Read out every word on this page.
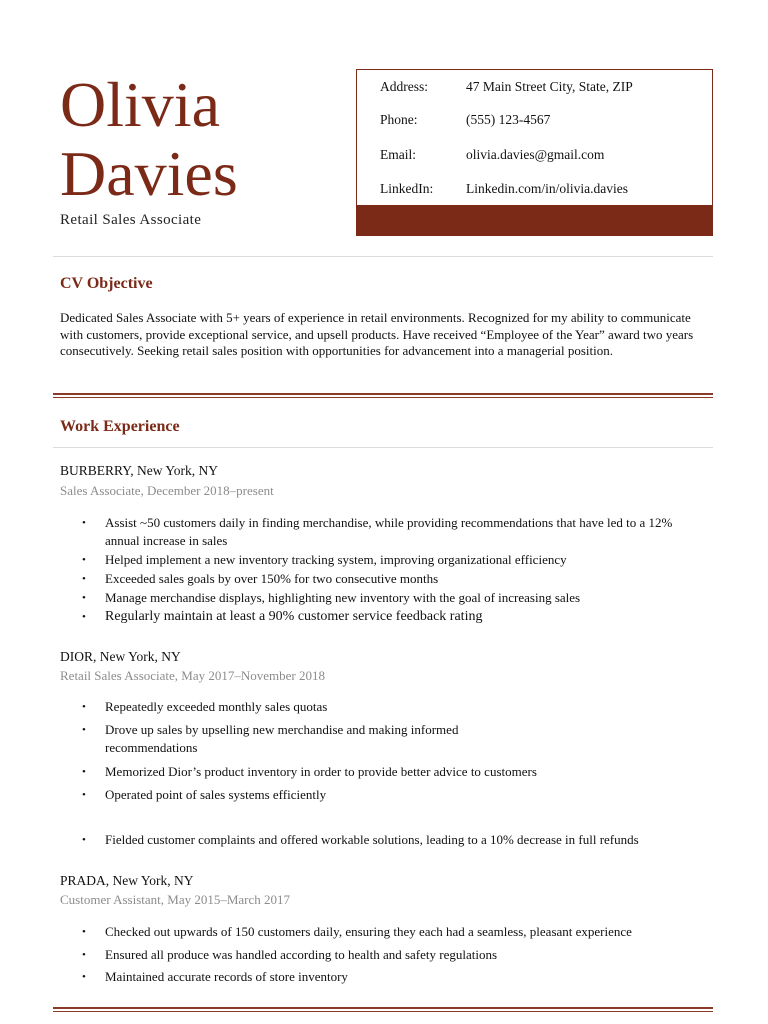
Olivia
Davies
Retail Sales Associate
Address:	47 Main Street City, State, ZIP
Phone:	(555) 123-4567
Email:	olivia.davies@gmail.com
LinkedIn: Linkedin.com/in/olivia.davies
CV Objective
Dedicated Sales Associate with 5+ years of experience in retail environments. Recognized for my ability to communicate with customers, provide exceptional service, and upsell products. Have received “Employee of the Year” award two years consecutively. Seeking retail sales position with opportunities for advancement into a managerial position.
Work Experience
BURBERRY, New York, NY
Sales Associate, December 2018–present
• Assist ~50 customers daily in finding merchandise, while providing recommendations that have led to a 12% annual increase in sales
• Helped implement a new inventory tracking system, improving organizational efficiency
• Exceeded sales goals by over 150% for two consecutive months
• Manage merchandise displays, highlighting new inventory with the goal of increasing sales
• Regularly maintain at least a 90% customer service feedback rating
DIOR, New York, NY
Retail Sales Associate, May 2017–November 2018
• Repeatedly exceeded monthly sales quotas
• Drove up sales by upselling new merchandise and making informed recommendations
• Memorized Dior’s product inventory in order to provide better advice to customers
• Operated point of sales systems efficiently
• Fielded customer complaints and offered workable solutions, leading to a 10% decrease in full refunds
PRADA, New York, NY
Customer Assistant, May 2015–March 2017
• Checked out upwards of 150 customers daily, ensuring they each had a seamless, pleasant experience
• Ensured all produce was handled according to health and safety regulations
• Maintained accurate records of store inventory
